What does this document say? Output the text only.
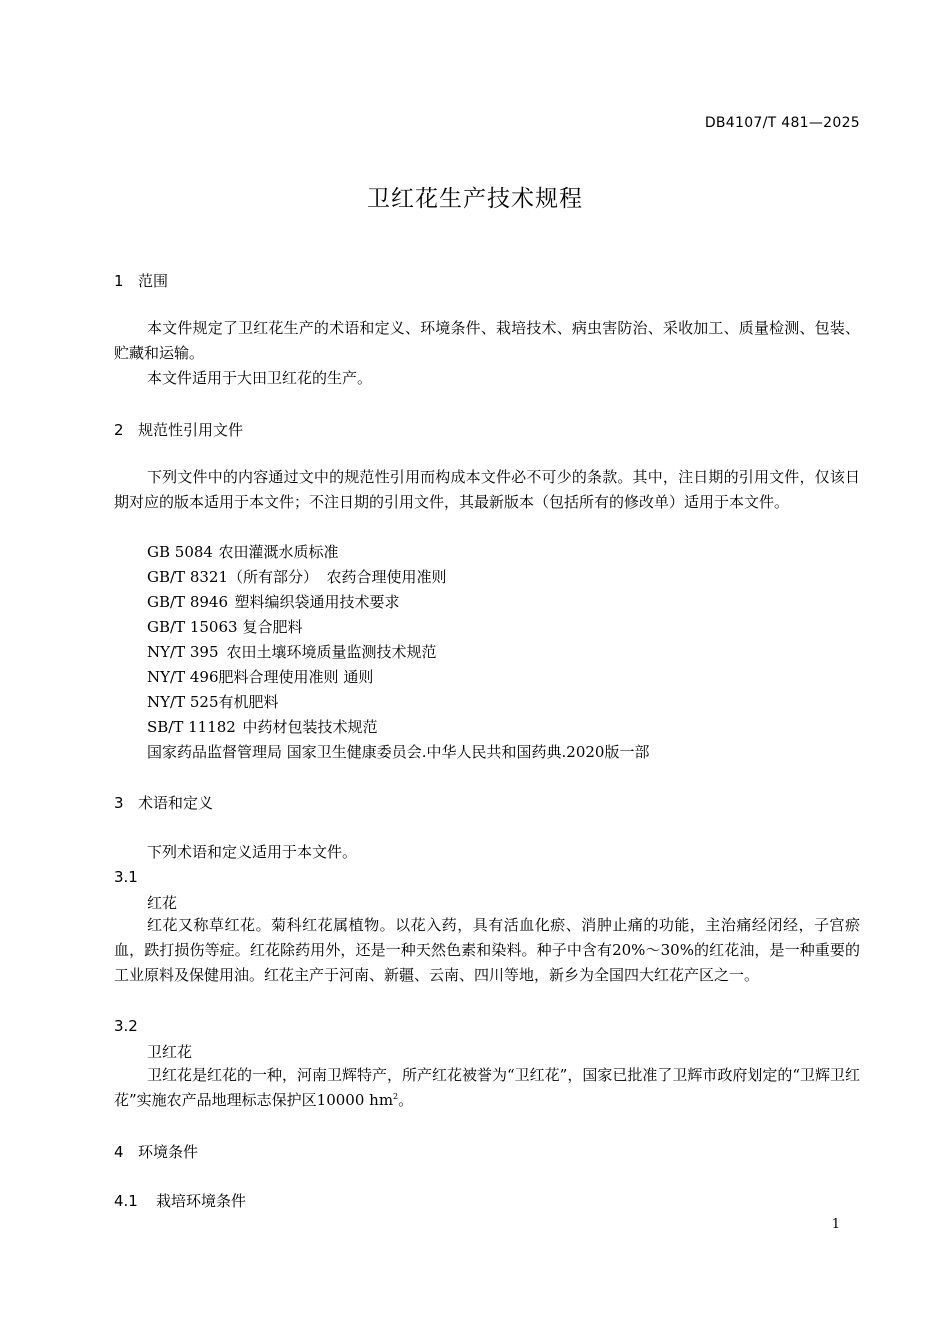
DB4107/T 481—2025
卫红花生产技术规程
1 范围
本文件规定了卫红花生产的术语和定义、环境条件、栽培技术、病虫害防治、采收加工、质量检测、包装、贮藏和运输。
本文件适用于大田卫红花的生产。
2 规范性引用文件
下列文件中的内容通过文中的规范性引用而构成本文件必不可少的条款。其中，注日期的引用文件，仅该日期对应的版本适用于本文件；不注日期的引用文件，其最新版本（包括所有的修改单）适用于本文件。
GB 5084 农田灌溉水质标准
GB/T 8321（所有部分） 农药合理使用准则
GB/T 8946 塑料编织袋通用技术要求
GB/T 15063 复合肥料
NY/T 395 农田土壤环境质量监测技术规范
NY/T 496  肥料合理使用准则 通则
NY/T 525  有机肥料
SB/T 11182 中药材包装技术规范
国家药品监督管理局 国家卫生健康委员会.中华人民共和国药典.2020版一部
3 术语和定义
下列术语和定义适用于本文件。
3.1
红花
红花又称草红花。菊科红花属植物。以花入药，具有活血化瘀、消肿止痛的功能，主治痛经闭经，子宫瘀血，跌打损伤等症。红花除药用外，还是一种天然色素和染料。种子中含有20%～30%的红花油，是一种重要的工业原料及保健用油。红花主产于河南、新疆、云南、四川等地，新乡为全国四大红花产区之一。
3.2
卫红花
卫红花是红花的一种，河南卫辉特产，所产红花被誉为“卫红花”，国家已批准了卫辉市政府划定的“卫辉卫红花”实施农产品地理标志保护区10000 $hm^2$。
4 环境条件
4.1 栽培环境条件
1
